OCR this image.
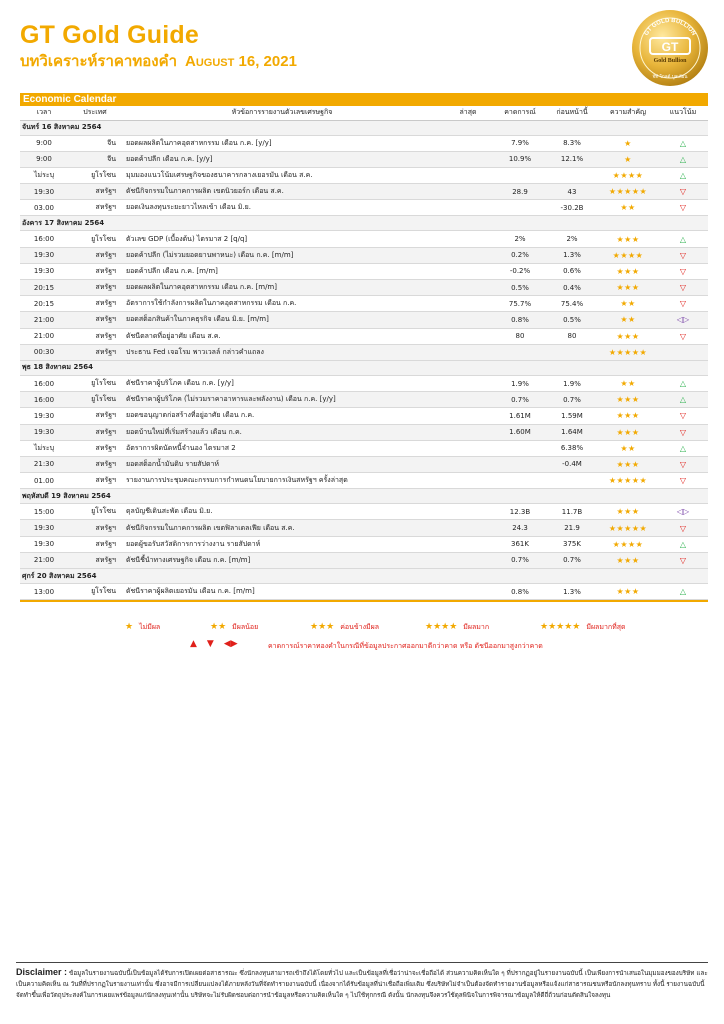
GT Gold Guide
บทวิเคราะห์ราคาทองคำ August 16, 2021
GT GOLD BULLION
GT
Gold Bullion
จีที โกลด์ บูลเลียน
Economic Calendar
เวลา	ประเทศ	หัวข้อการรายงานตัวเลขเศรษฐกิจ	ล่าสุด	คาดการณ์	ก่อนหน้านี้	ความสำคัญ	แนวโน้ม
จันทร์ 16 สิงหาคม 2564							
9:00	จีน	ยอดผลผลิตในภาคอุตสาหกรรม เดือน ก.ค. [y/y]		7.9%	8.3%	★	△
9:00	จีน	ยอดค้าปลีก เดือน ก.ค. [y/y]		10.9%	12.1%	★	△
ไม่ระบุ	ยูโรโซน	มุมมองแนวโน้มเศรษฐกิจของธนาคารกลางเยอรมัน เดือน ส.ค.				★★★★	△
19:30	สหรัฐฯ	ดัชนีกิจกรรมในภาคการผลิต เขตนิวยอร์ก เดือน ส.ค.		28.9	43	★★★★★	▽
03.00	สหรัฐฯ	ยอดเงินลงทุนระยะยาวไหลเข้า เดือน มิ.ย.			-30.2B	★★	▽
อังคาร 17 สิงหาคม 2564							
16:00	ยูโรโซน	ตัวเลข GDP (เบื้องต้น) ไตรมาส 2 [q/q]		2%	2%	★★★	△
19:30	สหรัฐฯ	ยอดค้าปลีก (ไม่รวมยอดยานพาหนะ) เดือน ก.ค. [m/m]		0.2%	1.3%	★★★★	▽
19:30	สหรัฐฯ	ยอดค้าปลีก เดือน ก.ค. [m/m]		-0.2%	0.6%	★★★	▽
20:15	สหรัฐฯ	ยอดผลผลิตในภาคอุตสาหกรรม เดือน ก.ค. [m/m]		0.5%	0.4%	★★★	▽
20:15	สหรัฐฯ	อัตราการใช้กำลังการผลิตในภาคอุตสาหกรรม เดือน ก.ค.		75.7%	75.4%	★★	▽
21:00	สหรัฐฯ	ยอดสต็อกสินค้าในภาคธุรกิจ เดือน มิ.ย. [m/m]		0.8%	0.5%	★★	◁▷
21:00	สหรัฐฯ	ดัชนีตลาดที่อยู่อาศัย เดือน ส.ค.		80	80	★★★	▽
00:30	สหรัฐฯ	ประธาน Fed เจอโรม พาวเวลล์ กล่าวคำแถลง				★★★★★	
พุธ 18 สิงหาคม 2564							
16:00	ยูโรโซน	ดัชนีราคาผู้บริโภค เดือน ก.ค. [y/y]		1.9%	1.9%	★★	△
16:00	ยูโรโซน	ดัชนีราคาผู้บริโภค (ไม่รวมราคาอาหารและพลังงาน) เดือน ก.ค. [y/y]		0.7%	0.7%	★★★	△
19:30	สหรัฐฯ	ยอดขอนุญาตก่อสร้างที่อยู่อาศัย เดือน ก.ค.		1.61M	1.59M	★★★	▽
19:30	สหรัฐฯ	ยอดบ้านใหม่ที่เริ่มสร้างแล้ว เดือน ก.ค.		1.60M	1.64M	★★★	▽
ไม่ระบุ	สหรัฐฯ	อัตราการผิดนัดหนี้จำนอง ไตรมาส 2			6.38%	★★	△
21:30	สหรัฐฯ	ยอดสต็อกน้ำมันดิบ รายสัปดาห์			-0.4M	★★★	▽
01.00	สหรัฐฯ	รายงานการประชุมคณะกรรมการกำหนดนโยบายการเงินสหรัฐฯ ครั้งล่าสุด				★★★★★	▽
พฤหัสบดี 19 สิงหาคม 2564							
15:00	ยูโรโซน	ดุลบัญชีเดินสะพัด เดือน มิ.ย.		12.3B	11.7B	★★★	◁▷
19:30	สหรัฐฯ	ดัชนีกิจกรรมในภาคการผลิต เขตฟิลาเดลเฟีย เดือน ส.ค.		24.3	21.9	★★★★★	▽
19:30	สหรัฐฯ	ยอดผู้ขอรับสวัสดิการการว่างงาน รายสัปดาห์		361K	375K	★★★★	△
21:00	สหรัฐฯ	ดัชนีชี้นำทางเศรษฐกิจ เดือน ก.ค. [m/m]		0.7%	0.7%	★★★	▽
ศุกร์ 20 สิงหาคม 2564							
13:00	ยูโรโซน	ดัชนีราคาผู้ผลิตเยอรมัน เดือน ก.ค. [m/m]		0.8%	1.3%	★★★	△
★ ไม่มีผล	★★ มีผลน้อย	★★★ ค่อนข้างมีผล	★★★★ มีผลมาก	★★★★★ มีผลมากที่สุด
▲ ▼ ◀▶	คาดการณ์ราคาทองคำในกรณีที่ข้อมูลประกาศออกมาดีกว่าคาด หรือ ดัชนีออกมาสูงกว่าคาด
Disclaimer : ข้อมูลในรายงานฉบับนี้เป็นข้อมูลได้รับการเปิดเผยต่อสาธารณะ ซึ่งนักลงทุนสามารถเข้าถึงได้โดยทั่วไป และเป็นข้อมูลที่เชื่อว่าน่าจะเชื่อถือได้ ส่วนความคิดเห็นใด ๆ ที่ปรากฏอยู่ในรายงานฉบับนี้ เป็นเพียงการนำเสนอในมุมมองของบริษัท และเป็นความคิดเห็น ณ วันที่ที่ปรากฏในรายงานเท่านั้น ซึ่งอาจมีการเปลี่ยนแปลงได้ภายหลังวันที่จัดทำรายงานฉบับนี้ เนื่องจากได้รับข้อมูลที่น่าเชื่อถือเพิ่มเติม ซึ่งบริษัทไม่จำเป็นต้องจัดทำรายงานข้อมูลหรือแจ้งแก่สาธารณชนหรือนักลงทุนทราบ ทั้งนี้ รายงานฉบับนี้จัดทำขึ้นเพื่อวัตถุประสงค์ในการเผยแพร่ข้อมูลแก่นักลงทุนเท่านั้น บริษัทจะไม่รับผิดชอบต่อการนำข้อมูลหรือความคิดเห็นใด ๆ ไปใช้ทุกกรณี ดังนั้น นักลงทุนจึงควรใช้ดุลพินิจในการพิจารณาข้อมูลให้ดีถี่ถ้วนก่อนตัดสินใจลงทุน
